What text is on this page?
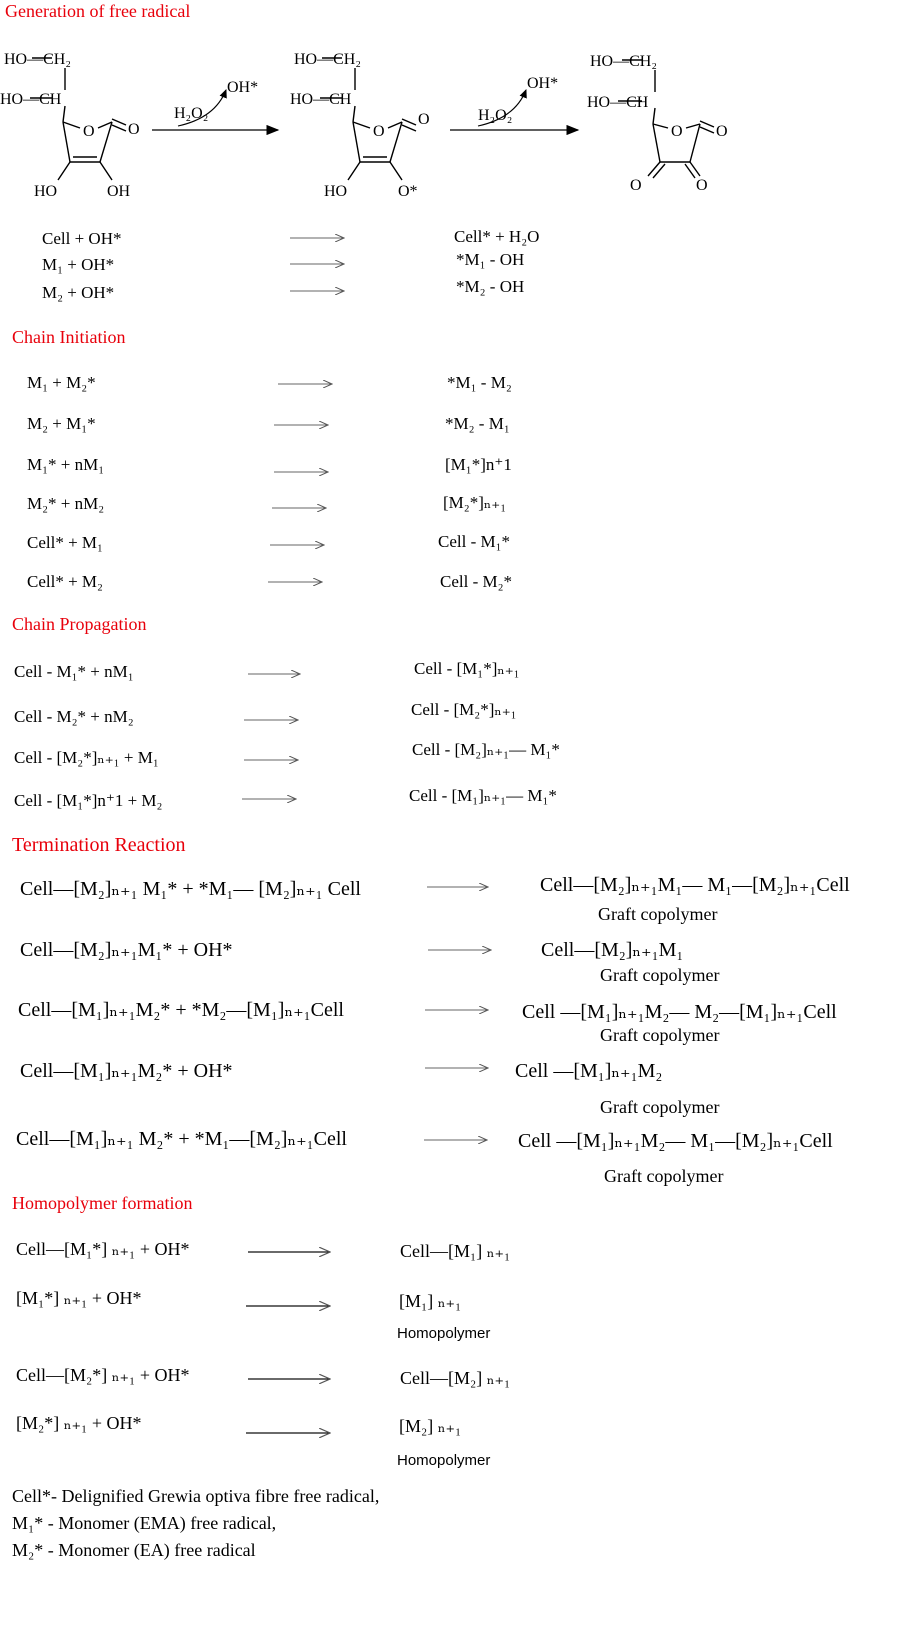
Generation of free radical
Chain Initiation
Chain Propagation
Termination Reaction
Homopolymer formation
HO—CH₂
HO—CH
O O
HO	OH
H₂O₂
OH*
HO—CH₂
HO—CH
O
O
HO	O*
H₂O₂
OH*
HO—CH₂
HO—CH
O O
O	O
Cell + OH*	Cell* + H₂O
M₁ + OH*	*M₁ - OH
M₂ + OH*	*M₂ - OH
M₁ + M₂*	*M₁ - M₂
M₂ + M₁*	*M₂ - M₁
M₁* + nM₁	[M₁*]n⁺1
M₂* + nM₂	[M₂*]ₙ₊₁
Cell* + M₁	Cell - M₁*
Cell* + M₂	Cell - M₂*
Cell - M₁* + nM₁	Cell - [M₁*]ₙ₊₁
Cell - M₂* + nM₂	Cell - [M₂*]ₙ₊₁
Cell - [M₂*]ₙ₊₁ + M₁	Cell - [M₂]ₙ₊₁— M₁*
Cell - [M₁*]n⁺1 + M₂	Cell - [M₁]ₙ₊₁— M₁*
Cell—[M₂]ₙ₊₁ M₁* + *M₁— [M₂]ₙ₊₁ Cell	Cell—[M₂]ₙ₊₁M₁— M₁—[M₂]ₙ₊₁Cell
Graft copolymer
Cell—[M₂]ₙ₊₁M₁* + OH*	Cell—[M₂]ₙ₊₁M₁
Graft copolymer
Cell—[M₁]ₙ₊₁M₂* + *M₂—[M₁]ₙ₊₁Cell	Cell —[M₁]ₙ₊₁M₂— M₂—[M₁]ₙ₊₁Cell
Graft copolymer
Cell—[M₁]ₙ₊₁M₂* + OH*	Cell —[M₁]ₙ₊₁M₂
Graft copolymer
Cell—[M₁]ₙ₊₁ M₂* + *M₁—[M₂]ₙ₊₁Cell	Cell —[M₁]ₙ₊₁M₂— M₁—[M₂]ₙ₊₁Cell
Graft copolymer
Cell—[M₁*] ₙ₊₁ + OH*	Cell—[M₁] ₙ₊₁
[M₁*] ₙ₊₁ + OH*	[M₁] ₙ₊₁
Homopolymer
Cell—[M₂*] ₙ₊₁ + OH*	Cell—[M₂] ₙ₊₁
[M₂*] ₙ₊₁ + OH*	[M₂] ₙ₊₁
Homopolymer
Cell*- Delignified Grewia optiva fibre free radical,
M₁* - Monomer (EMA) free radical,
M₂* - Monomer (EA) free radical
